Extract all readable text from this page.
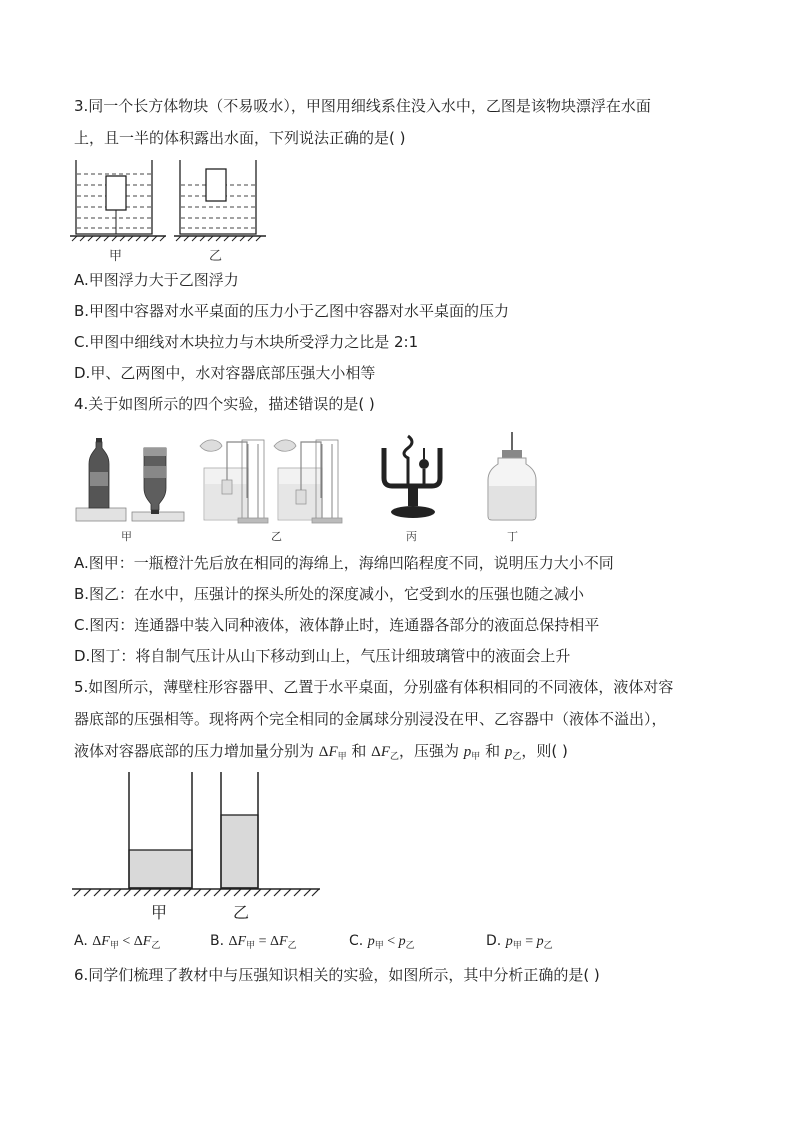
3.同一个长方体物块（不易吸水），甲图用细线系住没入水中，乙图是该物块漂浮在水面
上，且一半的体积露出水面，下列说法正确的是( )
甲	乙
A.甲图浮力大于乙图浮力
B.甲图中容器对水平桌面的压力小于乙图中容器对水平桌面的压力
C.甲图中细线对木块拉力与木块所受浮力之比是 2:1
D.甲、乙两图中，水对容器底部压强大小相等
4.关于如图所示的四个实验，描述错误的是( )
甲	乙	丙	丁
A.图甲：一瓶橙汁先后放在相同的海绵上，海绵凹陷程度不同，说明压力大小不同
B.图乙：在水中，压强计的探头所处的深度减小，它受到水的压强也随之减小
C.图丙：连通器中装入同种液体，液体静止时，连通器各部分的液面总保持相平
D.图丁：将自制气压计从山下移动到山上，气压计细玻璃管中的液面会上升
5.如图所示，薄壁柱形容器甲、乙置于水平桌面，分别盛有体积相同的不同液体，液体对容
器底部的压强相等。现将两个完全相同的金属球分别浸没在甲、乙容器中（液体不溢出），
液体对容器底部的压力增加量分别为 $\Delta F_甲$ 和 $\Delta F_乙$，压强为 $p_甲$ 和 $p_乙$，则( )
甲	乙
A. $\Delta F_甲 < \Delta F_乙$	B. $\Delta F_甲 = \Delta F_乙$	C. $p_甲 < p_乙$	D. $p_甲 = p_乙$
6.同学们梳理了教材中与压强知识相关的实验，如图所示，其中分析正确的是( )
